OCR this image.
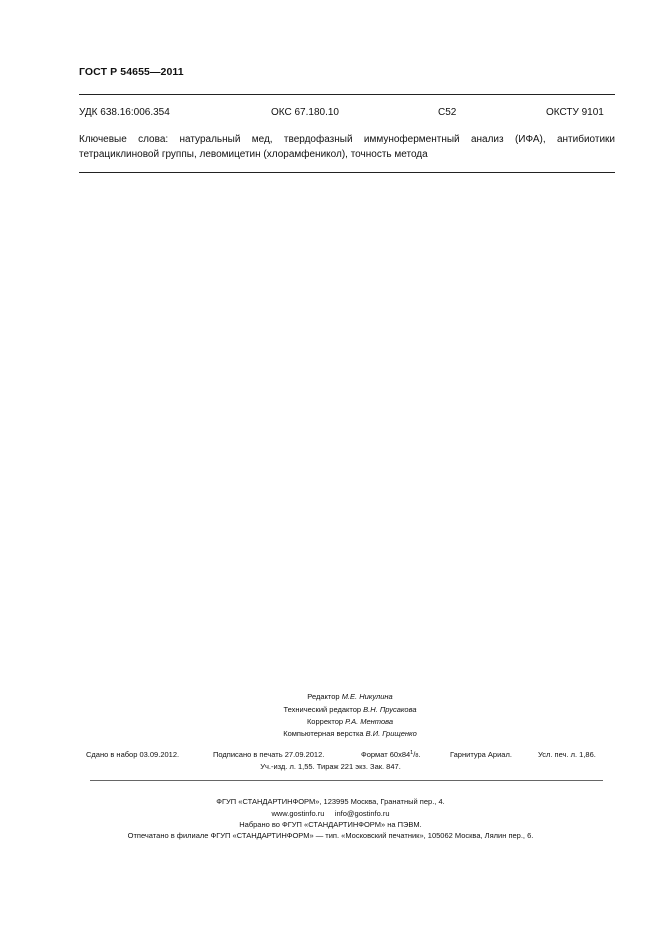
ГОСТ Р 54655—2011
УДК 638.16:006.354	ОКС 67.180.10	С52	ОКСТУ 9101
Ключевые слова: натуральный мед, твердофазный иммуноферментный анализ (ИФА), антибиотики
тетрациклиновой группы, левомицетин (хлорамфеникол), точность метода
Редактор М.Е. Никулина
Технический редактор В.Н. Прусакова
Корректор Р.А. Ментова
Компьютерная верстка В.И. Грищенко
Сдано в набор 03.09.2012.	Подписано в печать 27.09.2012.	Формат $60x84^1/8$.	Гарнитура Ариал.	Усл. печ. л. 1,86.
Уч.-изд. л. 1,55. Тираж 221 экз. Зак. 847.
ФГУП «СТАНДАРТИНФОРМ», 123995 Москва, Гранатный пер., 4.
www.gostinfo.ru info@gostinfo.ru
Набрано во ФГУП «СТАНДАРТИНФОРМ» на ПЭВМ.
Отпечатано в филиале ФГУП «СТАНДАРТИНФОРМ» — тип. «Московский печатник», 105062 Москва, Лялин пер., 6.
